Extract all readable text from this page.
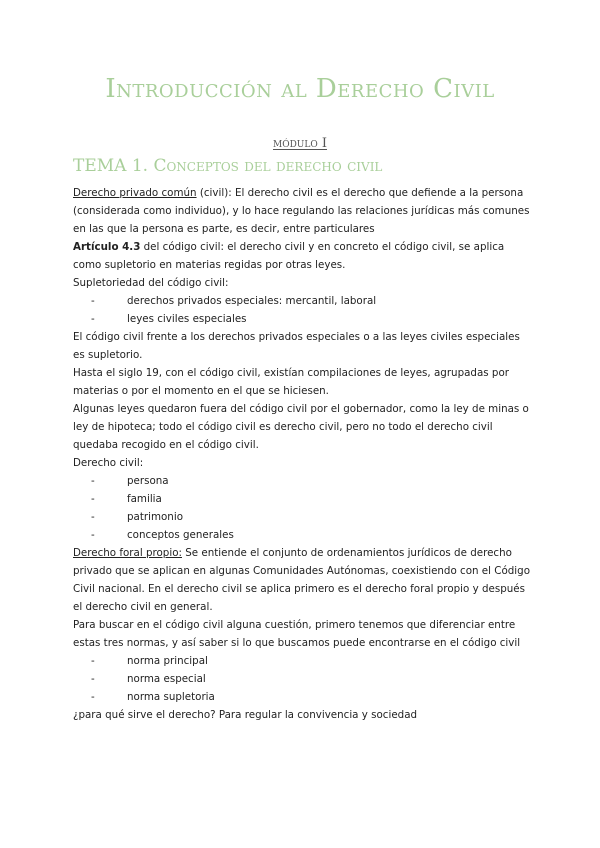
Introducción al Derecho Civil
módulo I
TEMA 1. Conceptos del derecho civil

Derecho privado común (civil): El derecho civil es el derecho que defiende a la persona (considerada como individuo), y lo hace regulando las relaciones jurídicas más comunes en las que la persona es parte, es decir, entre particulares

Artículo 4.3 del código civil: el derecho civil y en concreto el código civil, se aplica como supletorio en materias regidas por otras leyes.

Supletoriedad del código civil:

- derechos privados especiales: mercantil, laboral
- leyes civiles especiales

El código civil frente a los derechos privados especiales o a las leyes civiles especiales es supletorio.

Hasta el siglo 19, con el código civil, existían compilaciones de leyes, agrupadas por materias o por el momento en el que se hiciesen.

Algunas leyes quedaron fuera del código civil por el gobernador, como la ley de minas o ley de hipoteca; todo el código civil es derecho civil, pero no todo el derecho civil quedaba recogido en el código civil.

Derecho civil:

- persona
- familia
- patrimonio
- conceptos generales

Derecho foral propio: Se entiende el conjunto de ordenamientos jurídicos de derecho privado que se aplican en algunas Comunidades Autónomas, coexistiendo con el Código Civil nacional. En el derecho civil se aplica primero es el derecho foral propio y después el derecho civil en general.

Para buscar en el código civil alguna cuestión, primero tenemos que diferenciar entre estas tres normas, y así saber si lo que buscamos puede encontrarse en el código civil

- norma principal
- norma especial
- norma supletoria

¿para qué sirve el derecho? Para regular la convivencia y sociedad
